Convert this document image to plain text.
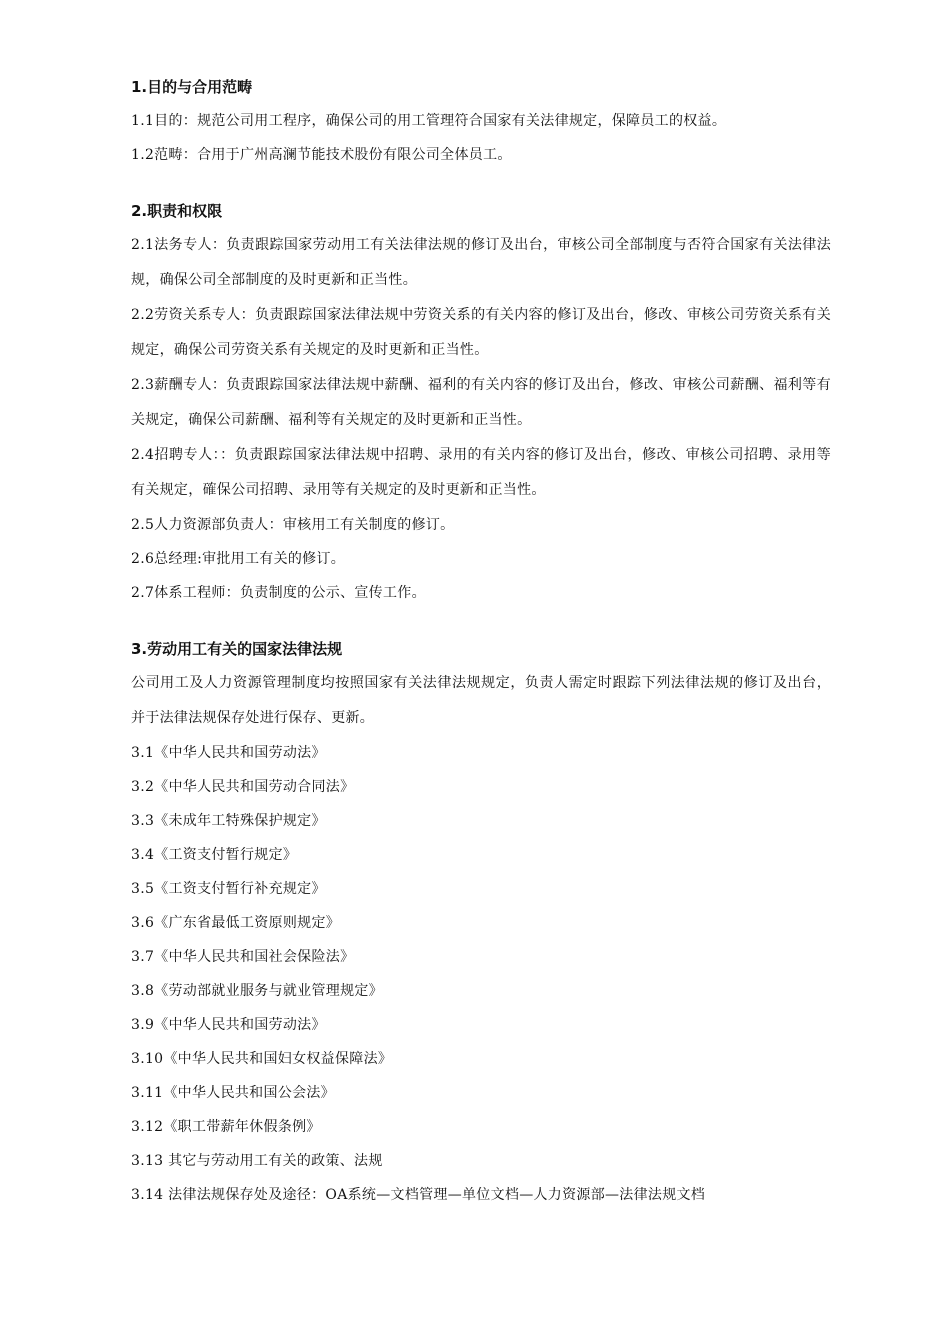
1.目的与合用范畴
1.1目的：规范公司用工程序，确保公司的用工管理符合国家有关法律规定，保障员工的权益。
1.2范畴：合用于广州高澜节能技术股份有限公司全体员工。
2.职责和权限
2.1法务专人：负责跟踪国家劳动用工有关法律法规的修订及出台，审核公司全部制度与否符合国家有关法律法规，确保公司全部制度的及时更新和正当性。
2.2劳资关系专人：负责跟踪国家法律法规中劳资关系的有关内容的修订及出台，修改、审核公司劳资关系有关规定，确保公司劳资关系有关规定的及时更新和正当性。
2.3薪酬专人：负责跟踪国家法律法规中薪酬、福利的有关内容的修订及出台，修改、审核公司薪酬、福利等有关规定，确保公司薪酬、福利等有关规定的及时更新和正当性。
2.4招聘专人：：负责跟踪国家法律法规中招聘、录用的有关内容的修订及出台，修改、审核公司招聘、录用等有关规定，確保公司招聘、录用等有关规定的及时更新和正当性。
2.5人力资源部负责人：审核用工有关制度的修订。
2.6总经理:审批用工有关的修订。
2.7体系工程师：负责制度的公示、宣传工作。
3.劳动用工有关的国家法律法规
公司用工及人力资源管理制度均按照国家有关法律法规规定，负责人需定时跟踪下列法律法规的修订及出台，并于法律法规保存处进行保存、更新。
3.1《中华人民共和国劳动法》
3.2《中华人民共和国劳动合同法》
3.3《未成年工特殊保护规定》
3.4《工资支付暂行规定》
3.5《工资支付暂行补充规定》
3.6《广东省最低工资原则规定》
3.7《中华人民共和国社会保险法》
3.8《劳动部就业服务与就业管理规定》
3.9《中华人民共和国劳动法》
3.10《中华人民共和国妇女权益保障法》
3.11《中华人民共和国公会法》
3.12《职工带薪年休假条例》
3.13 其它与劳动用工有关的政策、法规
3.14 法律法规保存处及途径：OA系统—文档管理—单位文档—人力资源部—法律法规文档
